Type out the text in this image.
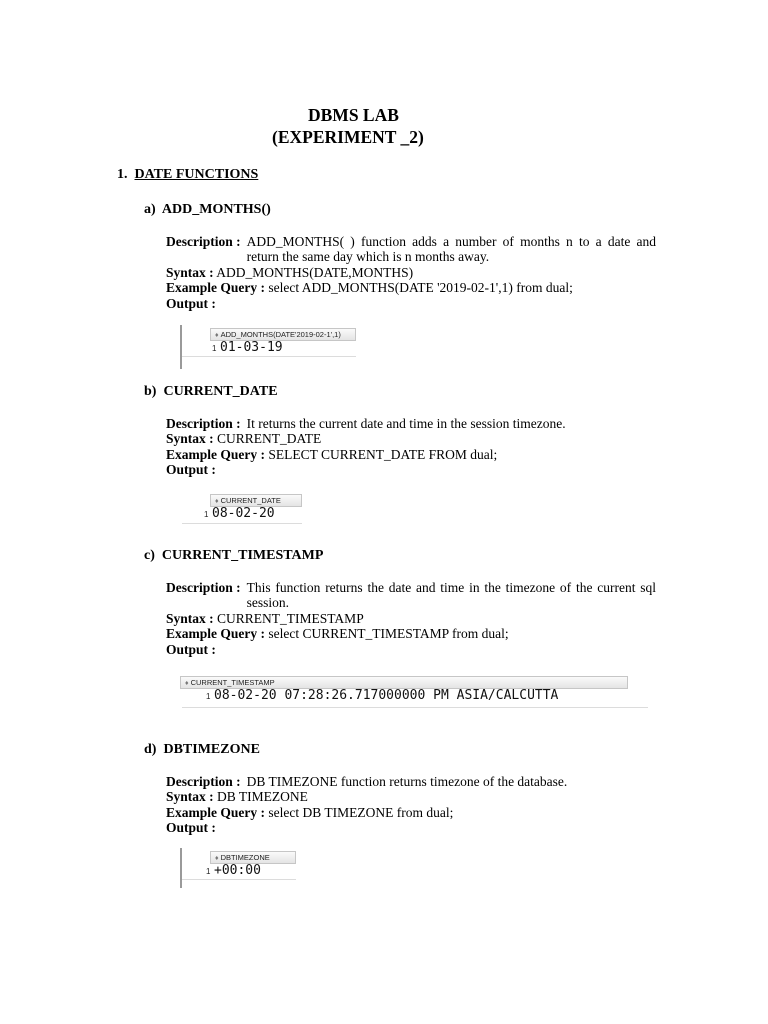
DBMS LAB
(EXPERIMENT _2)
1. DATE FUNCTIONS
a) ADD_MONTHS()
Description : ADD_MONTHS( ) function adds a number of months n to a date and return the same day which is n months away.
Syntax : ADD_MONTHS(DATE,MONTHS)
Example Query : select ADD_MONTHS(DATE '2019-02-1',1) from dual;
Output :
♦ ADD_MONTHS(DATE'2019-02-1',1)
1 01-03-19
b) CURRENT_DATE
Description : It returns the current date and time in the session timezone.
Syntax : CURRENT_DATE
Example Query : SELECT CURRENT_DATE FROM dual;
Output :
♦ CURRENT_DATE
1 08-02-20
c) CURRENT_TIMESTAMP
Description : This function returns the date and time in the timezone of the current sql session.
Syntax : CURRENT_TIMESTAMP
Example Query : select CURRENT_TIMESTAMP from dual;
Output :
♦ CURRENT_TIMESTAMP
1 08-02-20 07:28:26.717000000 PM ASIA/CALCUTTA
d) DBTIMEZONE
Description : DB TIMEZONE function returns timezone of the database.
Syntax : DB TIMEZONE
Example Query : select DB TIMEZONE from dual;
Output :
♦ DBTIMEZONE
1 +00:00
